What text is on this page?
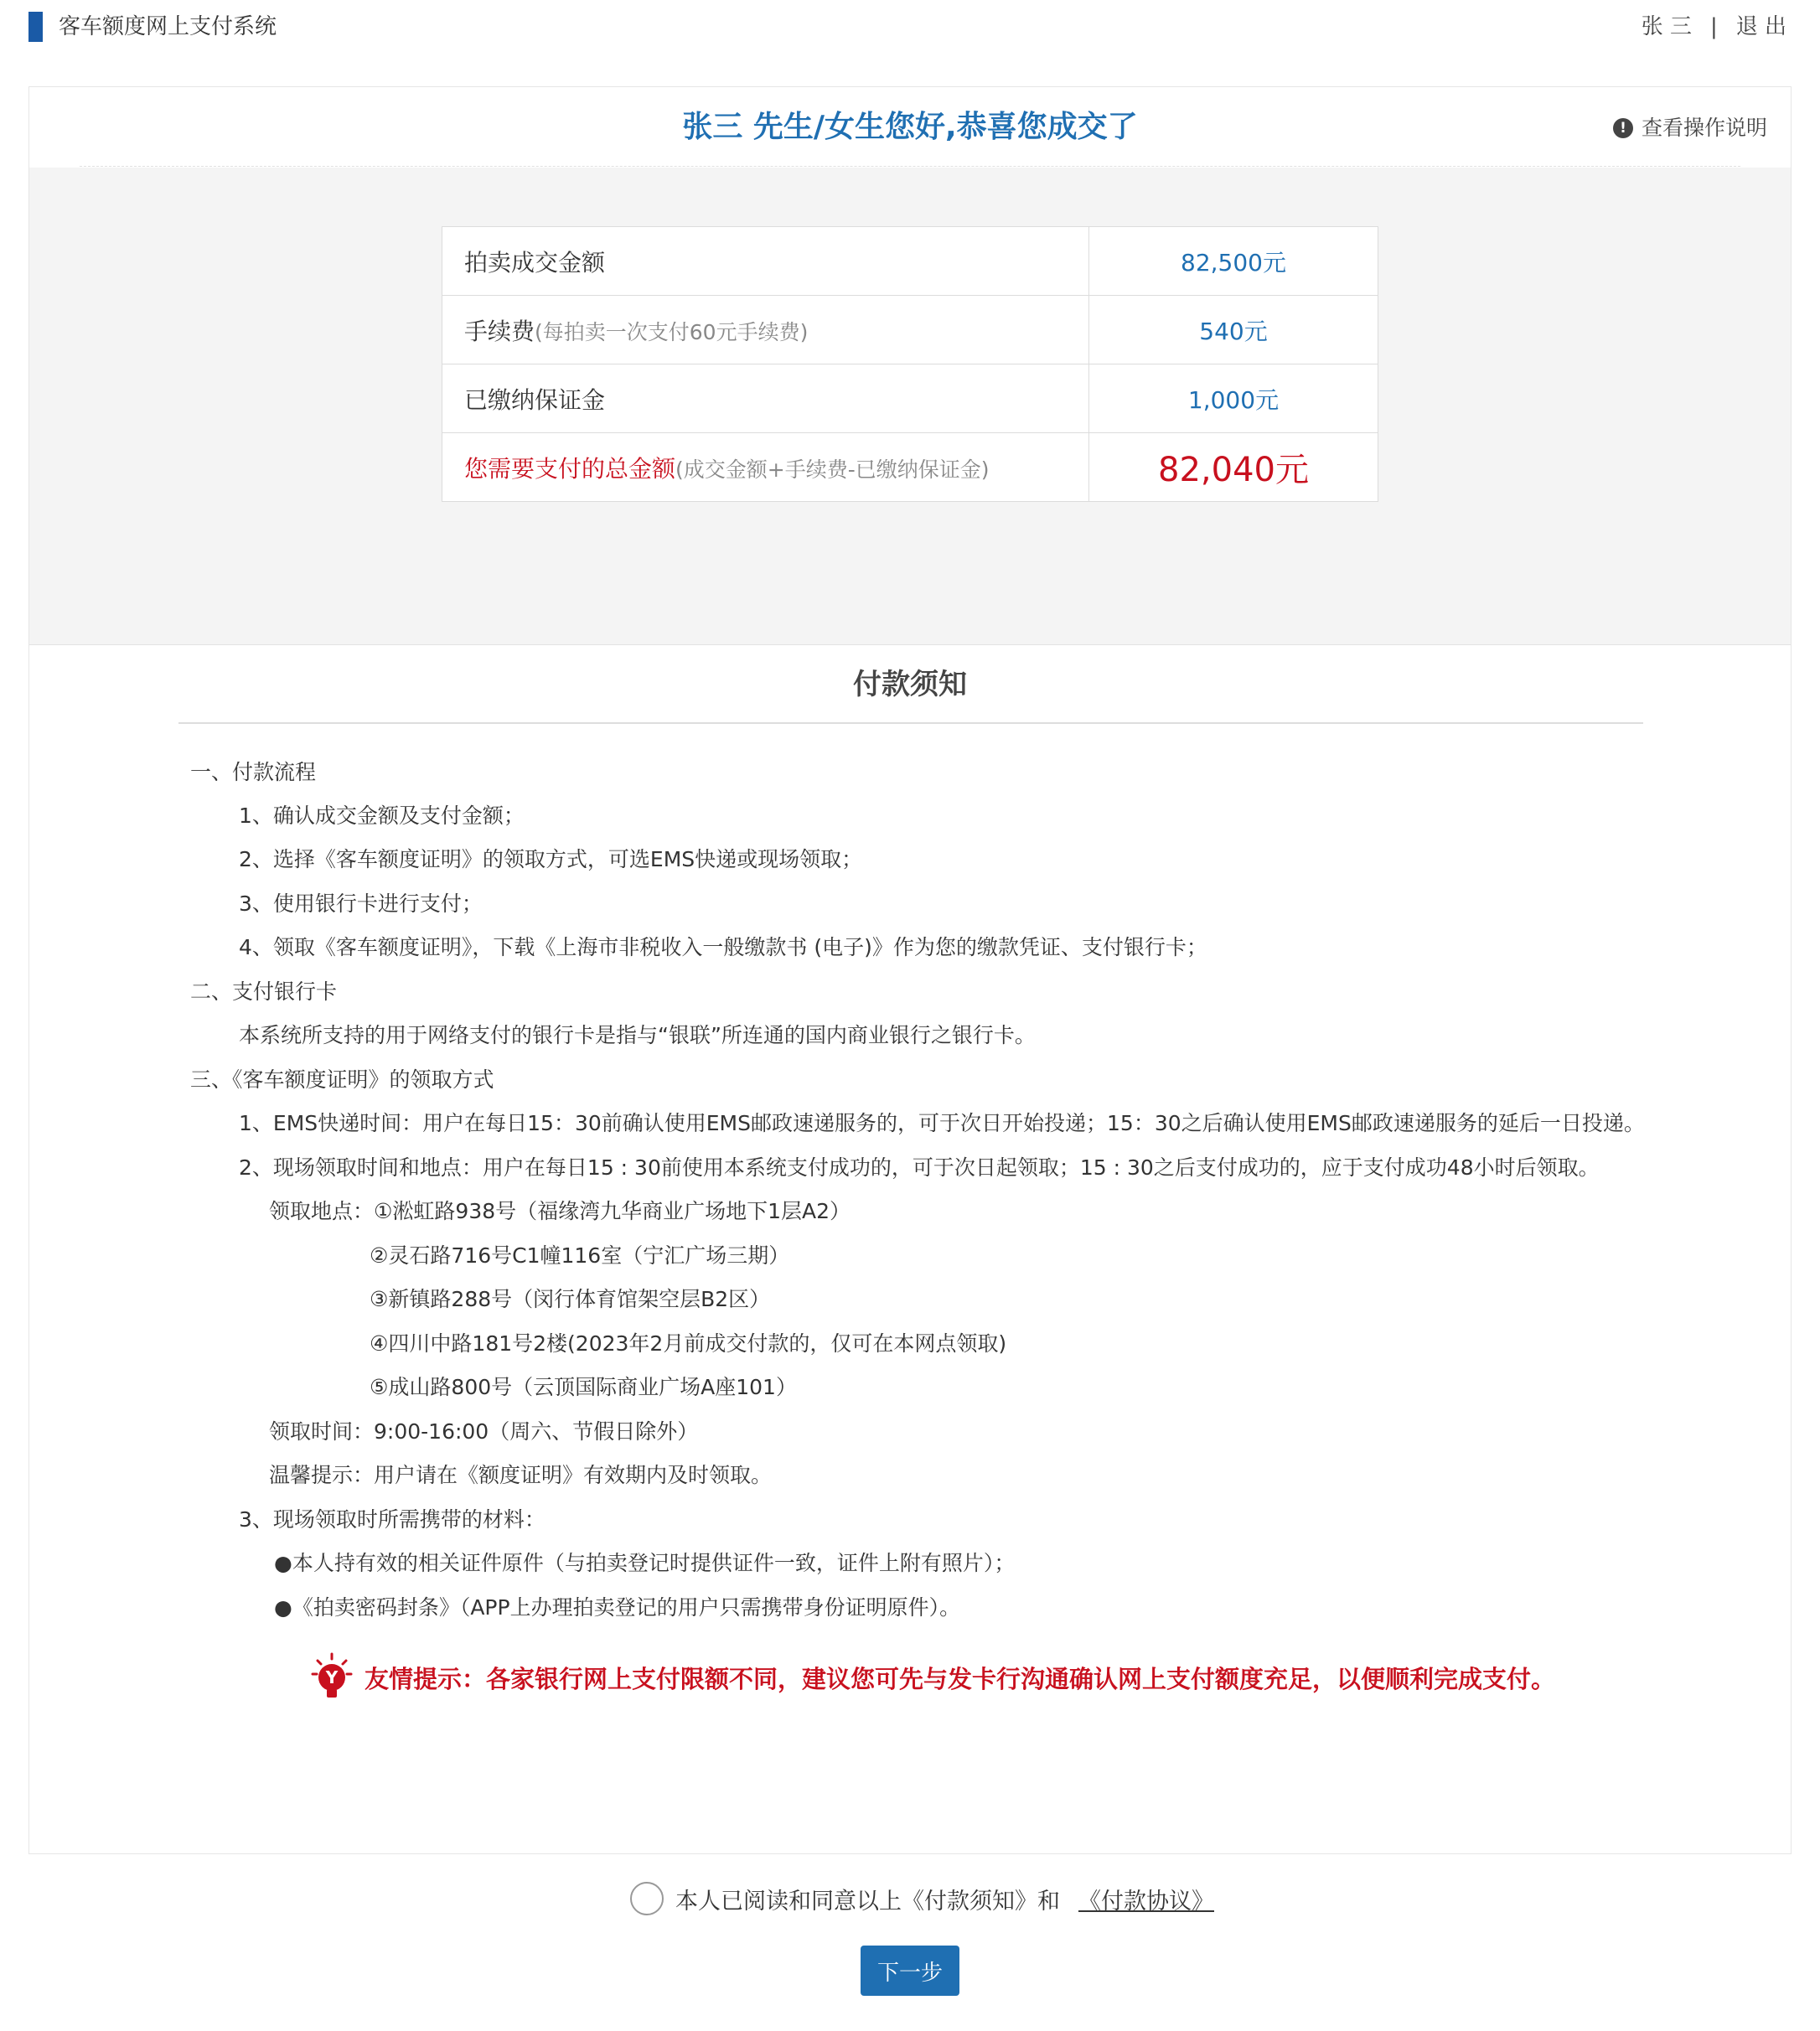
客车额度网上支付系统	张 三 | 退 出
张三 先生/女生您好,恭喜您成交了	! 查看操作说明
拍卖成交金额	82,500元
手续费(每拍卖一次支付60元手续费)	540元
已缴纳保证金	1,000元
您需要支付的总金额(成交金额+手续费-已缴纳保证金)	82,040元
付款须知
一、付款流程
1、确认成交金额及支付金额；
2、选择《客车额度证明》的领取方式，可选EMS快递或现场领取；
3、使用银行卡进行支付；
4、领取《客车额度证明》，下载《上海市非税收入一般缴款书 (电子)》作为您的缴款凭证、支付银行卡；
二、支付银行卡
本系统所支持的用于网络支付的银行卡是指与“银联”所连通的国内商业银行之银行卡。
三、《客车额度证明》的领取方式
1、EMS快递时间：用户在每日15：30前确认使用EMS邮政速递服务的，可于次日开始投递；15：30之后确认使用EMS邮政速递服务的延后一日投递。
2、现场领取时间和地点：用户在每日15 : 30前使用本系统支付成功的，可于次日起领取；15 : 30之后支付成功的，应于支付成功48小时后领取。
领取地点：①淞虹路938号（福缘湾九华商业广场地下1层A2）
②灵石路716号C1幢116室（宁汇广场三期）
③新镇路288号（闵行体育馆架空层B2区）
④四川中路181号2楼(2023年2月前成交付款的，仅可在本网点领取)
⑤成山路800号（云顶国际商业广场A座101）
领取时间：9:00-16:00（周六、节假日除外）
温馨提示：用户请在《额度证明》有效期内及时领取。
3、现场领取时所需携带的材料：
●本人持有效的相关证件原件（与拍卖登记时提供证件一致，证件上附有照片）；
●《拍卖密码封条》（APP上办理拍卖登记的用户只需携带身份证明原件）。
Y 友情提示：各家银行网上支付限额不同，建议您可先与发卡行沟通确认网上支付额度充足，以便顺利完成支付。
本人已阅读和同意以上《付款须知》和 《付款协议》
下一步
